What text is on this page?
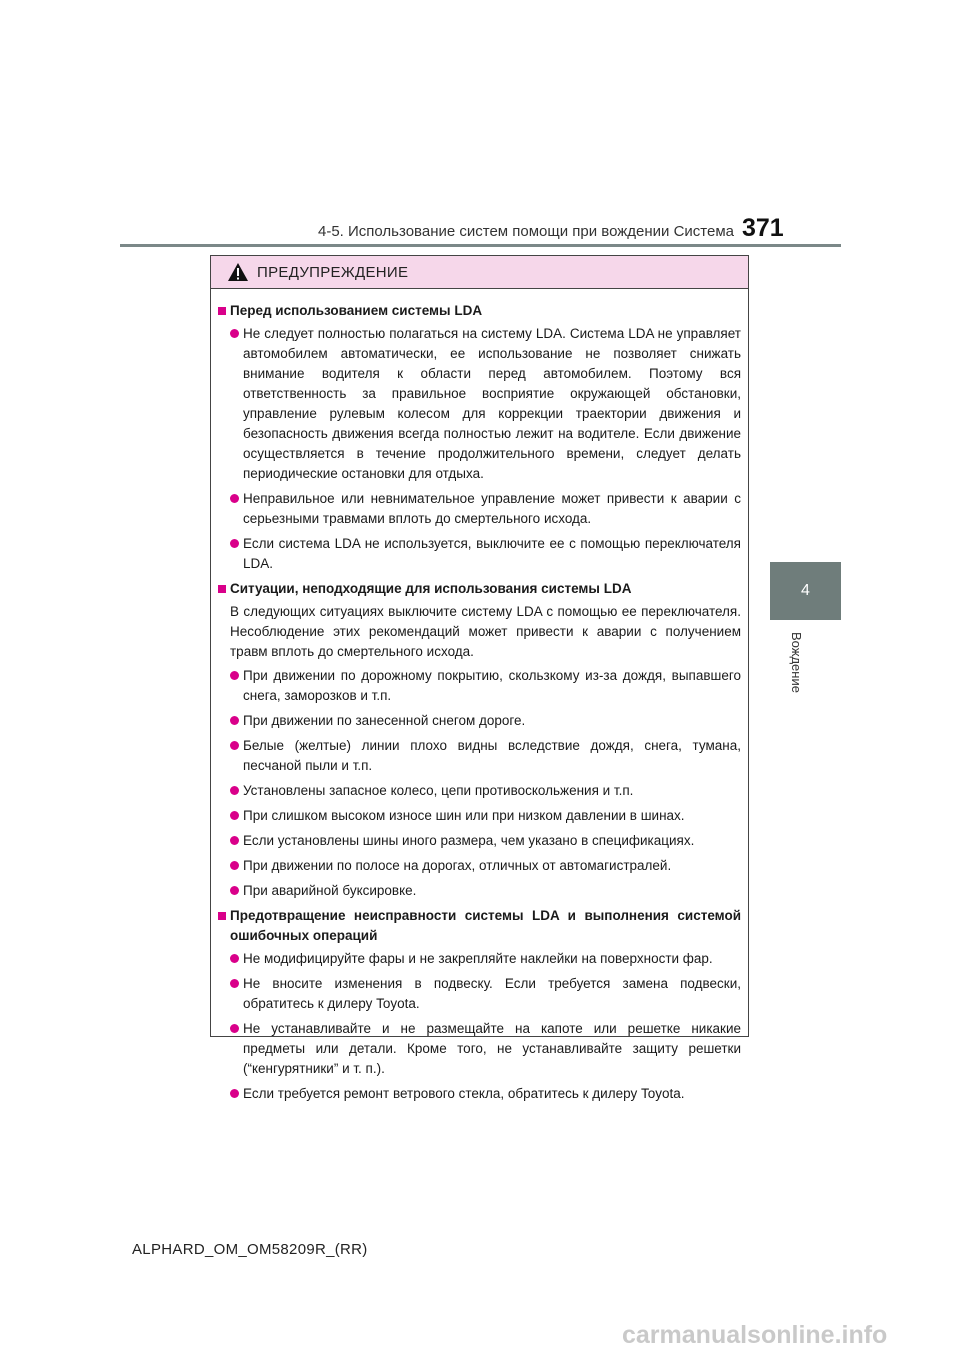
4-5. Использование систем помощи при вождении Система 371
4
Вождение
ПРЕДУПРЕЖДЕНИЕ
Перед использованием системы LDA
Не следует полностью полагаться на систему LDA. Система LDA не управляет автомобилем автоматически, ее использование не позволяет снижать внимание водителя к области перед автомобилем. Поэтому вся ответственность за правильное восприятие окружающей обстановки, управление рулевым колесом для коррекции траектории движения и безопасность движения всегда полностью лежит на водителе. Если движение осуществляется в течение продолжительного времени, следует делать периодические остановки для отдыха.
Неправильное или невнимательное управление может привести к аварии с серьезными травмами вплоть до смертельного исхода.
Если система LDA не используется, выключите ее с помощью переключателя LDA.
Ситуации, неподходящие для использования системы LDA
В следующих ситуациях выключите систему LDA с помощью ее переключателя. Несоблюдение этих рекомендаций может привести к аварии с получением травм вплоть до смертельного исхода.
При движении по дорожному покрытию, скользкому из-за дождя, выпавшего снега, заморозков и т.п.
При движении по занесенной снегом дороге.
Белые (желтые) линии плохо видны вследствие дождя, снега, тумана, песчаной пыли и т.п.
Установлены запасное колесо, цепи противоскольжения и т.п.
При слишком высоком износе шин или при низком давлении в шинах.
Если установлены шины иного размера, чем указано в спецификациях.
При движении по полосе на дорогах, отличных от автомагистралей.
При аварийной буксировке.
Предотвращение неисправности системы LDA и выполнения системой ошибочных операций
Не модифицируйте фары и не закрепляйте наклейки на поверхности фар.
Не вносите изменения в подвеску. Если требуется замена подвески, обратитесь к дилеру Toyota.
Не устанавливайте и не размещайте на капоте или решетке никакие предметы или детали. Кроме того, не устанавливайте защиту решетки (“кенгурятники” и т. п.).
Если требуется ремонт ветрового стекла, обратитесь к дилеру Toyota.
ALPHARD_OM_OM58209R_(RR)
carmanualsonline.info
